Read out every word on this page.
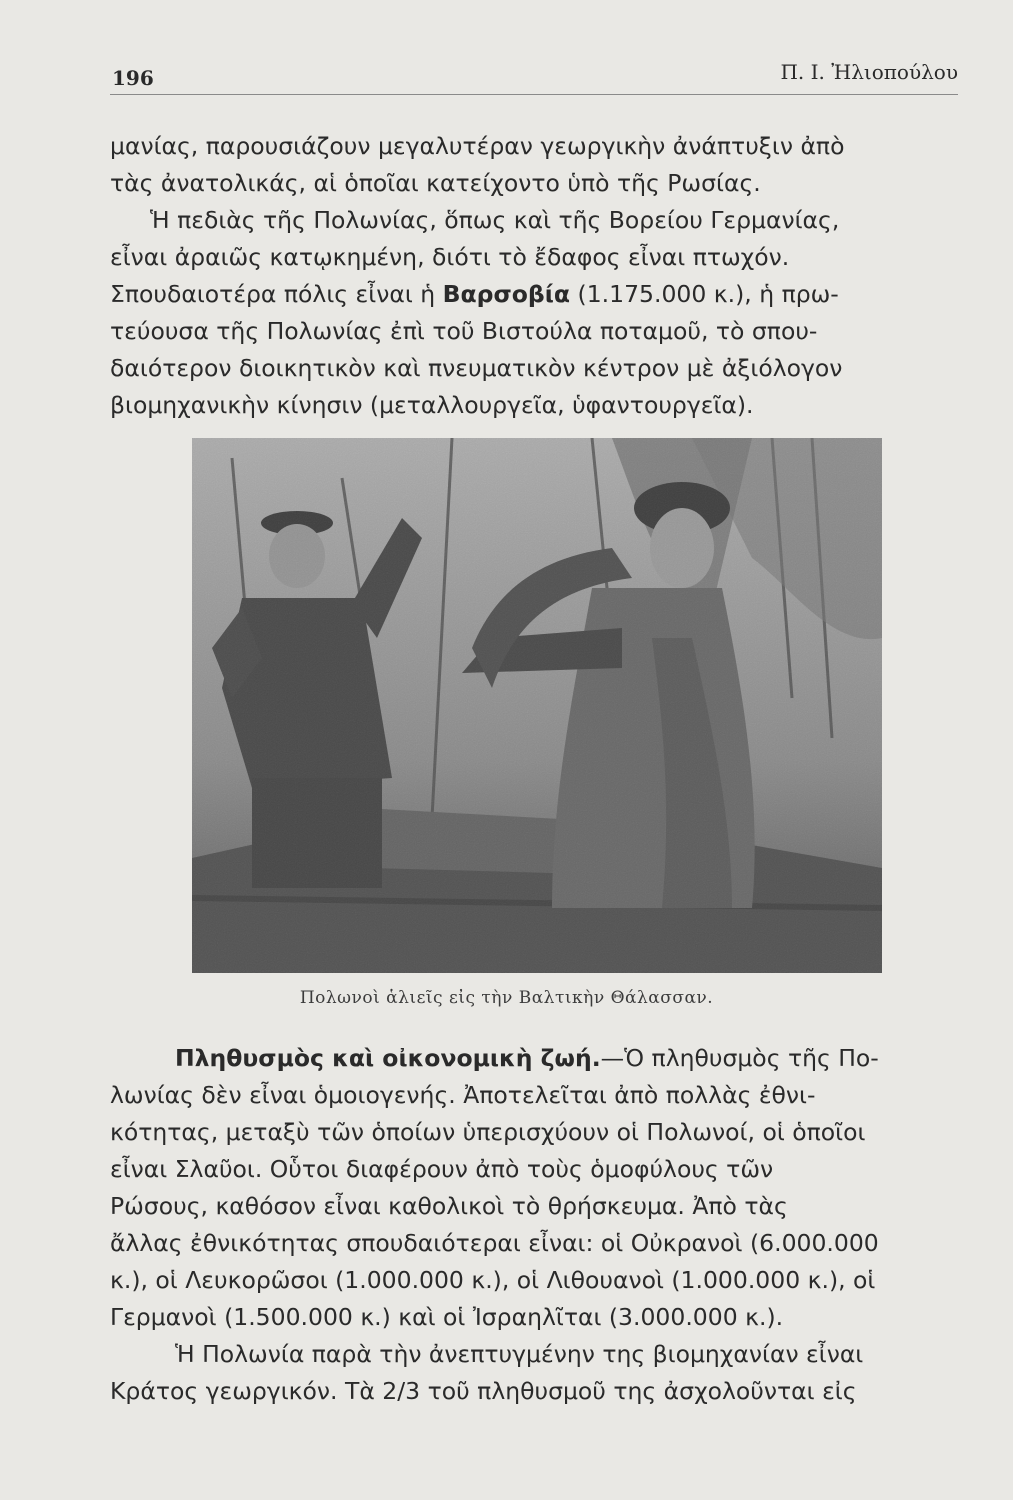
196	Π. Ι. Ἠλιοπούλου
μανίας, παρουσιάζουν μεγαλυτέραν γεωργικὴν ἀνάπτυξιν ἀπὸ
τὰς ἀνατολικάς, αἱ ὁποῖαι κατείχοντο ὑπὸ τῆς Ρωσίας.
Ἡ πεδιὰς τῆς Πολωνίας, ὅπως καὶ τῆς Βορείου Γερμανίας,
εἶναι ἀραιῶς κατῳκημένη, διότι τὸ ἔδαφος εἶναι πτωχόν.
Σπουδαιοτέρα πόλις εἶναι ἡ Βαρσοβία (1.175.000 κ.), ἡ πρω-
τεύουσα τῆς Πολωνίας ἐπὶ τοῦ Βιστούλα ποταμοῦ, τὸ σπου-
δαιότερον διοικητικὸν καὶ πνευματικὸν κέντρον μὲ ἀξιόλογον
βιομηχανικὴν κίνησιν (μεταλλουργεῖα, ὑφαντουργεῖα).
Πολωνοὶ ἁλιεῖς εἰς τὴν Βαλτικὴν Θάλασσαν.
Πληθυσμὸς καὶ οἰκονομικὴ ζωή.—Ὁ πληθυσμὸς τῆς Πο-
λωνίας δὲν εἶναι ὁμοιογενής. Ἀποτελεῖται ἀπὸ πολλὰς ἐθνι-
κότητας, μεταξὺ τῶν ὁποίων ὑπερισχύουν οἱ Πολωνοί, οἱ ὁποῖοι
εἶναι Σλαῦοι. Οὗτοι διαφέρουν ἀπὸ τοὺς ὁμοφύλους τῶν
Ρώσους, καθόσον εἶναι καθολικοὶ τὸ θρήσκευμα. Ἀπὸ τὰς
ἄλλας ἐθνικότητας σπουδαιότεραι εἶναι: οἱ Οὐκρανοὶ (6.000.000
κ.), οἱ Λευκορῶσοι (1.000.000 κ.), οἱ Λιθουανοὶ (1.000.000 κ.), οἱ
Γερμανοὶ (1.500.000 κ.) καὶ οἱ Ἰσραηλῖται (3.000.000 κ.).
Ἡ Πολωνία παρὰ τὴν ἀνεπτυγμένην της βιομηχανίαν εἶναι
Κράτος γεωργικόν. Τὰ 2/3 τοῦ πληθυσμοῦ της ἀσχολοῦνται εἰς
